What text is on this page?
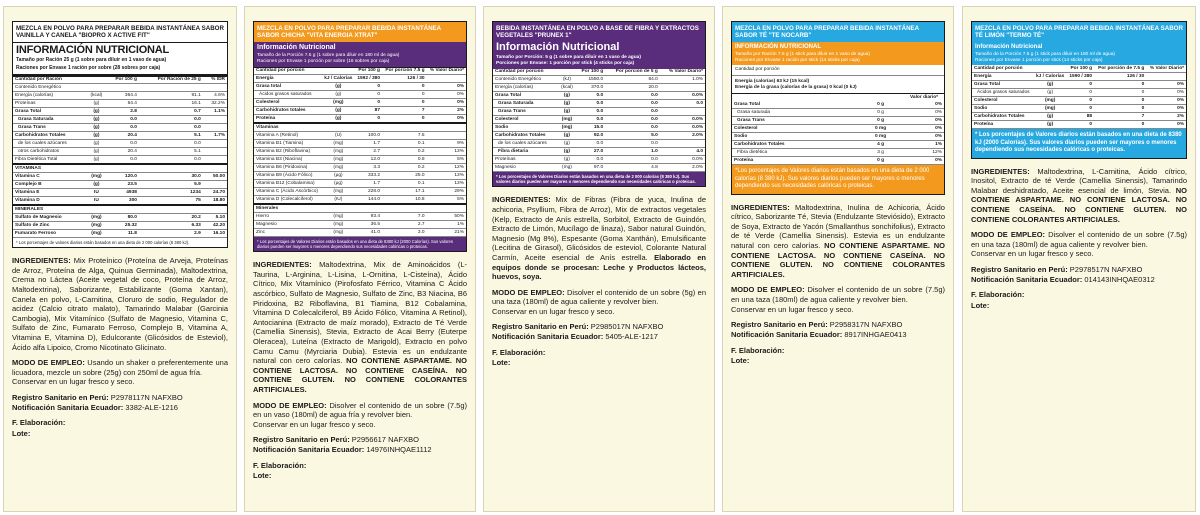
MEZCLA EN POLVO PARA PREPARAR BEBIDA INSTANTÁNEA SABOR VAINILLA Y CANELA "BIOPRO X ACTIVE FIT"
INFORMACIÓN NUTRICIONAL
Tamaño por Ración 25 g (1 sobre para diluir en 1 vaso de agua)
Raciones por Envase 1 ración por sobre (28 sobres por caja)
Cantidad por Ración		Por 100 g	Por Ración de 25 g	% IDR
Contenido Energético				
Energía (calorías)	(kcal)	364.4	91.1	4.6%
Proteínas	(g)	64.4	16.1	32.2%
Grasa Total	(g)	2.8	0.7	1.1%
Grasa Saturada	(g)	0.0	0.0	
Grasa Trans	(g)	0.0	0.0	
Carbohidratos Totales	(g)	20.4	5.1	1.7%
de los cuales azúcares	(g)	0.0	0.0	
otros carbohidratos	(g)	20.4	5.1	
Fibra Dietética Total	(g)	0.0	0.0	
VITAMINAS				
Vitamina C	(mg)	120.0	30.0	50.00
Complejo B	(g)	23.5	5.9	
Vitamina E	IU	4938	1234	24.70
Vitamina D	IU	300	75	18.80
MINERALES				
Sulfato de Magnesio	(mg)	80.0	20.2	5.10
Sulfato de Zinc	(mg)	25.32	6.33	42.20
Fumarato Ferroso	(mg)	11.8	2.9	16.10
* Los porcentajes de valores diarios están basados en una dieta de 2 000 calorías (8 380 kJ).

INGREDIENTES: Mix Proteínico (Proteína de Arveja, Proteínas de Arroz, Proteína de Alga, Quinua Germinada), Maltodextrina, Crema no Láctea (Aceite vegetal de coco, Proteína de Arroz, Maltodextrina), Saborizante, Estabilizante (Goma Xantan), Canela en polvo, L-Carnitina, Cloruro de sodio, Regulador de acidez (Calcio citrato malato), Tamarindo Malabar (Garcinia Cambogia), Mix Vitamínico (Sulfato de Magnesio, Vitamina C, Sulfato de Zinc, Fumarato Ferroso, Complejo B, Vitamina A, Vitamina E, Vitamina D), Edulcorante (Glicósidos de Esteviol), Ácido alfa Lipoico, Cromo Nicotinato Glicinato.

MODO DE EMPLEO: Usando un shaker o preferentemente una licuadora, mezcle un sobre (25g) con 250ml de agua fría.
Conservar en un lugar fresco y seco.

Registro Sanitario en Perú: P2978117N NAFXBO
Notificación Sanitaria Ecuador: 3382-ALE-1216
F. Elaboración:
Lote:
MEZCLA EN POLVO PARA PREPARAR BEBIDA INSTANTÁNEA SABOR CHICHA "VITA ENERGIA XTRAT"
Información Nutricional
Tamaño de la Porción 7.5 g (1 sobre para diluir en 180 ml de agua)
Raciones por Envase 1 porción por sobre (16 sobres por caja)
Cantidad por porción		Por 100 g	Por porción 7.5 g	% Valor Diario*
Energía	kJ / Calorías	1592 / 380	126 / 30	
Grasa total	(g)	0	0	0%
Ácidos grasos saturados	(g)	0	0	0%
Colesterol	(mg)	0	0	0%
Carbohidratos totales	(g)	87	7	2%
Proteína	(g)	0	0	0%
Vitaminas				
Vitamina A (Retinol)	(U)	100.0	7.5	
Vitamina B1 (Tiamina)	(mg)	1.7	0.1	9%
Vitamina B2 (Riboflavina)	(mg)	2.7	0.2	13%
Vitamina B3 (Niacina)	(mg)	12.0	0.9	5%
Vitamina B6 (Piridoxina)	(mg)	3.3	0.2	12%
Vitamina B9 (Ácido Fólico)	(μg)	333.2	25.0	13%
Vitamina B12 (Cobalamina)	(μg)	1.7	0.1	13%
Vitamina C (Ácido Ascórbico)	(mg)	228.0	17.1	29%
Vitamina D (Colecalciferol)	(IU)	144.0	10.8	5%
Minerales				
Hierro	(mg)	93.4	7.0	50%
Magnesio	(mg)	36.5	2.7	1%
Zinc	(mg)	41.0	3.0	21%
* Los porcentajes de Valores Diarios están basados en una dieta de 8380 kJ (2000 Calorías). Sus valores diarios pueden ser mayores o menores dependiendo sus necesidades calóricas o proteicas.

INGREDIENTES: Maltodextrina, Mix de Aminoácidos (L-Taurina, L-Arginina, L-Lisina, L-Ornitina, L-Cisteína), Ácido Cítrico, Mix Vitamínico (Pirofosfato Férrico, Vitamina C Ácido ascórbico, Sulfato de Magnesio, Sulfato de Zinc, B3 Niacina, B6 Piridoxina, B2 Riboflavina, B1 Tiamina, B12 Cobalamina, Vitamina D Colecalciferol, B9 Ácido Fólico, Vitamina A Retinol), Antocianina (Extracto de maíz morado), Extracto de Té Verde (Camellia Sinensis), Stevia, Extracto de Acai Berry (Euterpe Oleracea), Luteína (Extracto de Marigold), Extracto en polvo Camu Camu (Myrciaria Dubia). Estevia es un endulzante natural con cero calorías. NO CONTIENE ASPARTAME. NO CONTIENE LACTOSA. NO CONTIENE CASEÍNA. NO CONTIENE GLUTEN. NO CONTIENE COLORANTES ARTIFICIALES.

MODO DE EMPLEO: Disolver el contenido de un sobre (7.5g) en un vaso (180ml) de agua fría y revolver bien.
Conservar en un lugar fresco y seco.

Registro Sanitario en Perú: P2956617 NAFXBO
Notificación Sanitaria Ecuador: 14976INHQAE1112
F. Elaboración:
Lote:
BEBIDA INSTANTÁNEA EN POLVO A BASE DE FIBRA Y EXTRACTOS VEGETALES "PRUNEX 1"
Información Nutricional
Tamaño por Porción: 5 g (1 sobre para diluir en 1 vaso de agua)
Porciones por Envase: 1 porción por stick (4 sticks por caja)
Cantidad por porción		Por 100 g	Por porción de 5 g	% Valor Diario*
Contenido Energético	(kJ)	1550.0	84.0	1.0%
Energía (calorías)	(kcal)	370.0	20.0	
Grasa Total	(g)	0.0	0.0	0.0%
Grasa Saturada	(g)	0.0	0.0	0.0
Grasa Trans	(g)	0.0	0.0	
Colesterol	(mg)	0.0	0.0	0.0%
Sodio	(mg)	15.0	0.0	0.0%
Carbohidratos Totales	(g)	92.0	5.0	2.0%
de los cuales azúcares	(g)	0.0	0.0	
Fibra dietaria	(g)	27.0	1.0	4.0
Proteínas	(g)	0.0	0.0	0.0%
Magnesio	(mg)	97.0	4.8	2.0%
* Los porcentajes de Valores Diarios están basados en una dieta de 2 000 calorías (8 380 kJ). Sus valores diarios pueden ser mayores o menores dependiendo sus necesidades calóricas o proteicas.

INGREDIENTES: Mix de Fibras (Fibra de yuca, Inulina de achicoria, Psyllium, Fibra de Arroz), Mix de extractos vegetales (Kelp, Extracto de Anís estrella, Sorbitol, Extracto de Guindón, Extracto de Limón, Mucílago de linaza), Sabor natural Guindón, Magnesio (Mg 8%), Espesante (Goma Xanthán), Emulsificante (Lecitina de Girasol), Glicósidos de esteviol, Colorante Natural Carmín, Aceite esencial de Anís estrella. Elaborado en equipos donde se procesan: Leche y Productos lácteos, huevos, soya.

MODO DE EMPLEO: Disolver el contenido de un sobre (5g) en una taza (180ml) de agua caliente y revolver bien.
Conservar en un lugar fresco y seco.

Registro Sanitario en Perú: P2985017N NAFXBO
Notificación Sanitaria Ecuador: 5405-ALE-1217
F. Elaboración:
Lote:
MEZCLA EN POLVO PARA PREPARAR BEBIDA INSTANTÁNEA SABOR TÉ "TE NOCARB"
INFORMACIÓN NUTRICIONAL
Tamaño por Ración 7.5 g (1 stick para diluir en 1 vaso de agua)
Raciones por Envase 1 ración por stick (14 sticks por caja)
Cantidad por porción
Energía (calorías) 63 kJ (15 kcal)
Energía de la grasa (calorías de la grasa) 0 kcal (0 kJ)
Valor diario*
Grasa Total	0 g			0%
Grasa saturada	0 g			0%
Grasa Trans	0 g			0%
Colesterol	0 mg			0%
Sodio	0 mg			0%
Carbohidratos Totales	4 g			1%
Fibra dietética	3 g			12%
Proteína	0 g			0%
*Los porcentajes de Valores diarios están basados en una dieta de 2 000 calorías (8 380 kJ). Sus valores diarios pueden ser mayores o menores dependiendo sus necesidades calóricas o proteicas.

INGREDIENTES: Maltodextrina, Inulina de Achicoria, Ácido cítrico, Saborizante Té, Stevia (Endulzante Steviósido), Extracto de Soya, Extracto de Yacón (Smallanthus sonchifolius), Extracto de té Verde (Camellia Sinensis). Estevia es un endulzante natural con cero calorías. NO CONTIENE ASPARTAME. NO CONTIENE LACTOSA. NO CONTIENE CASEÍNA. NO CONTIENE GLUTEN. NO CONTIENE COLORANTES ARTIFICIALES.

MODO DE EMPLEO: Disolver el contenido de un sobre (7.5g) en una taza (180ml) de agua caliente y revolver bien.
Conservar en un lugar fresco y seco.

Registro Sanitario en Perú: P2958317N NAFXBO
Notificación Sanitaria Ecuador: 8917INHGAE0413
F. Elaboración:
Lote:
MEZCLA EN POLVO PARA PREPARAR BEBIDA INSTANTÁNEA SABOR TÉ LIMÓN "TERMO TÉ"
Información Nutricional
Tamaño de la Porción 7.5 g (1 stick para diluir en 180 ml de agua)
Raciones por Envase 1 porción por stick (14 sticks por caja)
Cantidad por porción		Por 100 g	Por porción de 7.5 g	% Valor Diario*
Energía	kJ / Calorías	1590 / 380	126 / 30	
Grasa Total	(g)	0	0	0%
Ácidos grasos saturados	(g)	0	0	0%
Colesterol	(mg)	0	0	0%
Sodio	(mg)	0	0	0%
Carbohidratos Totales	(g)	88	7	2%
Proteína	(g)	0	0	0%
* Los porcentajes de Valores diarios están basados en una dieta de 8380 kJ (2000 Calorías). Sus valores diarios pueden ser mayores o menores dependiendo sus necesidades calóricas o proteicas.

INGREDIENTES: Maltodextrina, L-Carnitina, Ácido cítrico, Inositol, Extracto de té Verde (Camellia Sinensis), Tamarindo Malabar deshidratado, Aceite esencial de limón, Stevia. NO CONTIENE ASPARTAME. NO CONTIENE LACTOSA. NO CONTIENE CASEÍNA. NO CONTIENE GLUTEN. NO CONTIENE COLORANTES ARTIFICIALES.

MODO DE EMPLEO: Disolver el contenido de un sobre (7.5g) en una taza (180ml) de agua caliente y revolver bien.
Conservar en un lugar fresco y seco.

Registro Sanitario en Perú: P2978517N NAFXBO
Notificación Sanitaria Ecuador: 014143INHQAE0312
F. Elaboración:
Lote:
